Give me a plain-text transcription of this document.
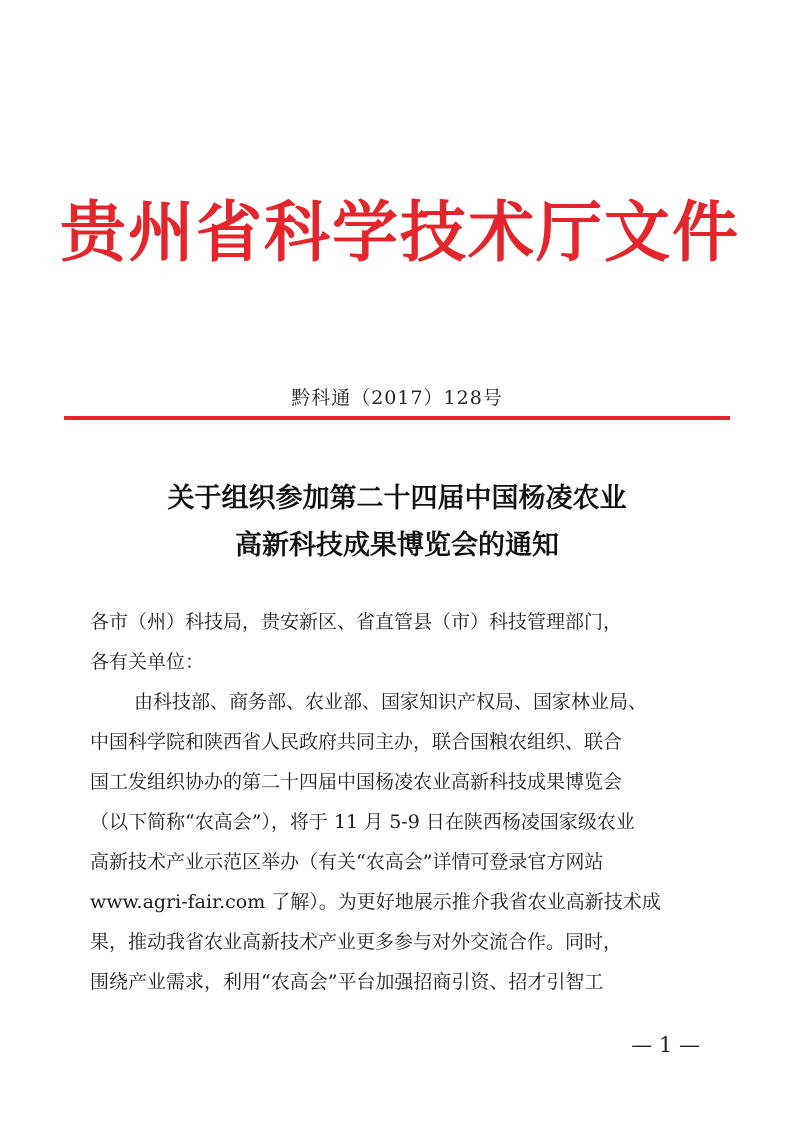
贵州省科学技术厅文件
黔科通（2017）128号
关于组织参加第二十四届中国杨凌农业
高新科技成果博览会的通知
各市（州）科技局，贵安新区、省直管县（市）科技管理部门，
各有关单位：
由科技部、商务部、农业部、国家知识产权局、国家林业局、
中国科学院和陕西省人民政府共同主办，联合国粮农组织、联合
国工发组织协办的第二十四届中国杨凌农业高新科技成果博览会
（以下简称“农高会”），将于 11 月 5-9 日在陕西杨凌国家级农业
高新技术产业示范区举办（有关“农高会”详情可登录官方网站
www.agri-fair.com 了解）。为更好地展示推介我省农业高新技术成
果，推动我省农业高新技术产业更多参与对外交流合作。同时，
围绕产业需求，利用“农高会”平台加强招商引资、招才引智工
— 1 —
